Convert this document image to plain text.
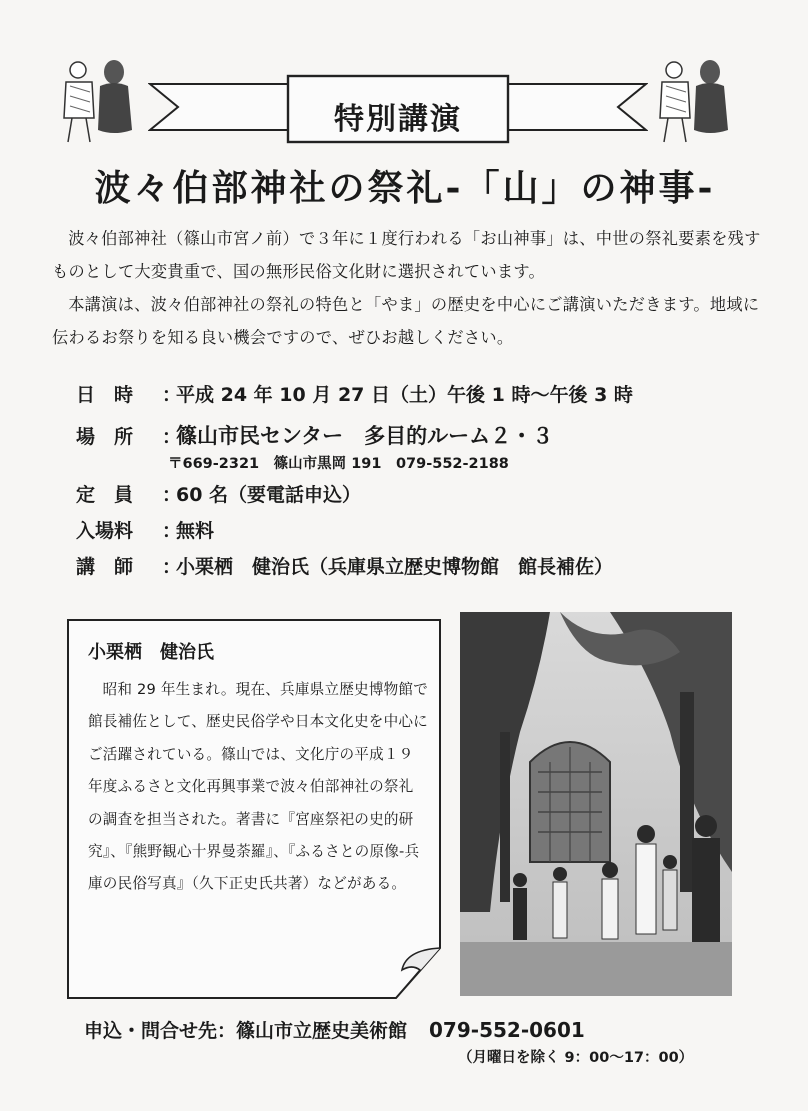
特別講演
波々伯部神社の祭礼-「山」の神事-

波々伯部神社（篠山市宮ノ前）で３年に１度行われる「お山神事」は、中世の祭礼要素を残すものとして大変貴重で、国の無形民俗文化財に選択されています。

本講演は、波々伯部神社の祭礼の特色と「やま」の歴史を中心にご講演いただきます。地域に伝わるお祭りを知る良い機会ですので、ぜひお越しください。

日　時 ：平成 24 年 10 月 27 日（土）午後 1 時～午後 3 時
場　所 ：篠山市民センター　多目的ルーム２・３
〒669-2321　篠山市黒岡 191　079-552-2188
定　員 ：60 名（要電話申込）
入場料 ：無料
講　師 ：小栗栖　健治氏（兵庫県立歴史博物館　館長補佐）
小栗栖　健治氏

昭和 29 年生まれ。現在、兵庫県立歴史博物館で館長補佐として、歴史民俗学や日本文化史を中心にご活躍されている。篠山では、文化庁の平成１９年度ふるさと文化再興事業で波々伯部神社の祭礼の調査を担当された。著書に『宮座祭祀の史的研究』、『熊野観心十界曼荼羅』、『ふるさとの原像-兵庫の民俗写真』（久下正史氏共著）などがある。

申込・問合せ先：篠山市立歴史美術館 079-552-0601
（月曜日を除く 9：00～17：00）
